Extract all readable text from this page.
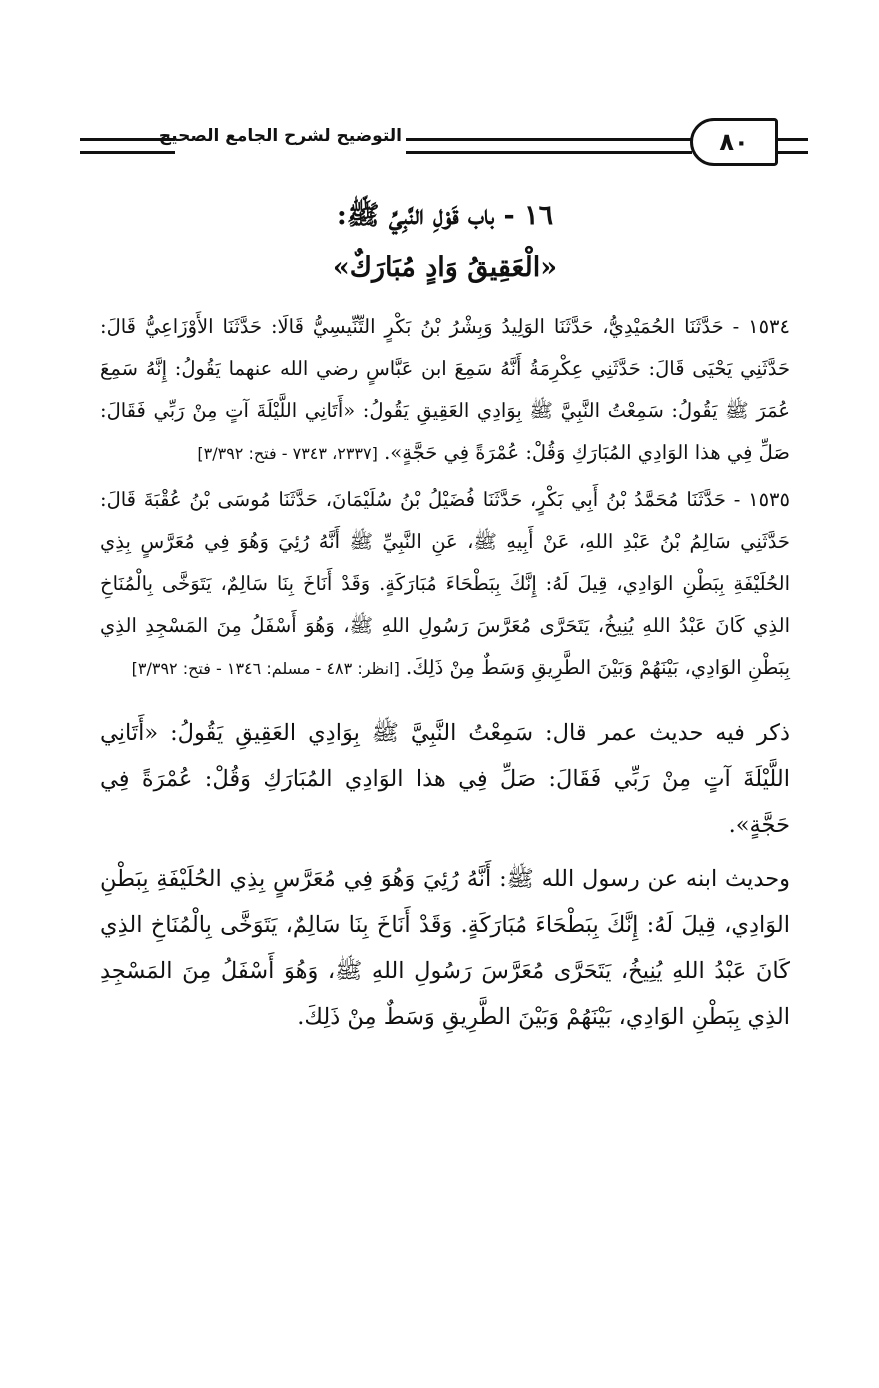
التوضيح لشرح الجامع الصحيح	٨٠

١٦ - باب قَوْلِ النَّبِيِّ ﷺ:

«الْعَقِيقُ وَادٍ مُبَارَكٌ»

١٥٣٤ - حَدَّثَنَا الحُمَيْدِيُّ، حَدَّثَنَا الوَلِيدُ وَبِشْرُ بْنُ بَكْرٍ التِّنِّيسِيُّ قَالَا: حَدَّثَنَا الأَوْزَاعِيُّ قَالَ: حَدَّثَنِي يَحْيَى قَالَ: حَدَّثَنِي عِكْرِمَةُ أَنَّهُ سَمِعَ ابن عَبَّاسٍ رضي الله عنهما يَقُولُ: إِنَّهُ سَمِعَ عُمَرَ ﷺ يَقُولُ: سَمِعْتُ النَّبِيَّ ﷺ بِوَادِي العَقِيقِ يَقُولُ: «أَتَانِي اللَّيْلَةَ آتٍ مِنْ رَبِّي فَقَالَ: صَلِّ فِي هذا الوَادِي المُبَارَكِ وَقُلْ: عُمْرَةً فِي حَجَّةٍ». [٢٣٣٧، ٧٣٤٣ - فتح: ٣/٣٩٢]

١٥٣٥ - حَدَّثَنَا مُحَمَّدُ بْنُ أَبِي بَكْرٍ، حَدَّثَنَا فُضَيْلُ بْنُ سُلَيْمَانَ، حَدَّثَنَا مُوسَى بْنُ عُقْبَةَ قَالَ: حَدَّثَنِي سَالِمُ بْنُ عَبْدِ اللهِ، عَنْ أَبِيهِ ﷺ، عَنِ النَّبِيِّ ﷺ أَنَّهُ رُئِيَ وَهُوَ فِي مُعَرَّسٍ بِذِي الحُلَيْفَةِ بِبَطْنِ الوَادِي، قِيلَ لَهُ: إِنَّكَ بِبَطْحَاءَ مُبَارَكَةٍ. وَقَدْ أَنَاخَ بِنَا سَالِمٌ، يَتَوَخَّى بِالْمُنَاخِ الذِي كَانَ عَبْدُ اللهِ يُنِيخُ، يَتَحَرَّى مُعَرَّسَ رَسُولِ اللهِ ﷺ، وَهُوَ أَسْفَلُ مِنَ المَسْجِدِ الذِي بِبَطْنِ الوَادِي، بَيْنَهُمْ وَبَيْنَ الطَّرِيقِ وَسَطٌ مِنْ ذَلِكَ. [انظر: ٤٨٣ - مسلم: ١٣٤٦ - فتح: ٣/٣٩٢]

ذكر فيه حديث عمر قال: سَمِعْتُ النَّبِيَّ ﷺ بِوَادِي العَقِيقِ يَقُولُ: «أَتَانِي اللَّيْلَةَ آتٍ مِنْ رَبِّي فَقَالَ: صَلِّ فِي هذا الوَادِي المُبَارَكِ وَقُلْ: عُمْرَةً فِي حَجَّةٍ».

وحديث ابنه عن رسول الله ﷺ: أَنَّهُ رُئِيَ وَهُوَ فِي مُعَرَّسٍ بِذِي الحُلَيْفَةِ بِبَطْنِ الوَادِي، قِيلَ لَهُ: إِنَّكَ بِبَطْحَاءَ مُبَارَكَةٍ. وَقَدْ أَنَاخَ بِنَا سَالِمٌ، يَتَوَخَّى بِالْمُنَاخِ الذِي كَانَ عَبْدُ اللهِ يُنِيخُ، يَتَحَرَّى مُعَرَّسَ رَسُولِ اللهِ ﷺ، وَهُوَ أَسْفَلُ مِنَ المَسْجِدِ الذِي بِبَطْنِ الوَادِي، بَيْنَهُمْ وَبَيْنَ الطَّرِيقِ وَسَطٌ مِنْ ذَلِكَ.
